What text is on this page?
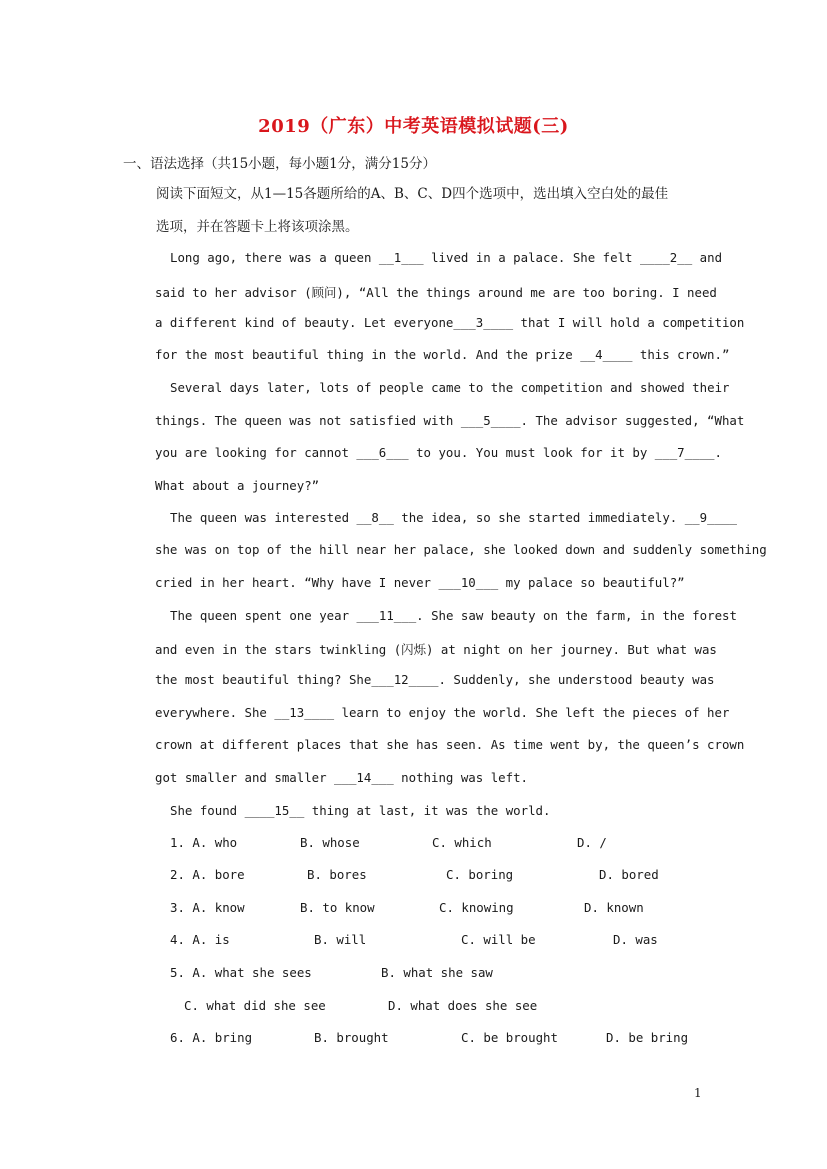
2019（广东）中考英语模拟试题(三)
一、语法选择（共15小题，每小题1分，满分15分）
阅读下面短文，从1—15各题所给的A、B、C、D四个选项中，选出填入空白处的最佳
选项，并在答题卡上将该项涂黑。
Long ago, there was a queen __1___ lived in a palace. She felt ____2__ and
said to her advisor (顾问), “All the things around me are too boring. I need
a different kind of beauty. Let everyone___3____ that I will hold a competition
for the most beautiful thing in the world. And the prize __4____ this crown.”
Several days later, lots of people came to the competition and showed their
things. The queen was not satisfied with ___5____. The advisor suggested, “What
you are looking for cannot ___6___ to you. You must look for it by ___7____.
What about a journey?”
The queen was interested __8__ the idea, so she started immediately. __9____
she was on top of the hill near her palace, she looked down and suddenly something
cried in her heart. “Why have I never ___10___ my palace so beautiful?”
The queen spent one year ___11___. She saw beauty on the farm, in the forest
and even in the stars twinkling (闪烁) at night on her journey. But what was
the most beautiful thing? She___12____. Suddenly, she understood beauty was
everywhere. She __13____ learn to enjoy the world. She left the pieces of her
crown at different places that she has seen. As time went by, the queen’s crown
got smaller and smaller ___14___ nothing was left.
She found ____15__ thing at last, it was the world.
1. A. who	B. whose	C. which	D. /
2. A. bore	B. bores	C. boring	D. bored
3. A. know	B. to know	C. knowing	D. known
4. A. is	B. will	C. will be	D. was
5. A. what she sees	B. what she saw
C. what did she see	D. what does she see
6. A. bring	B. brought	C. be brought	D. be bring
1
